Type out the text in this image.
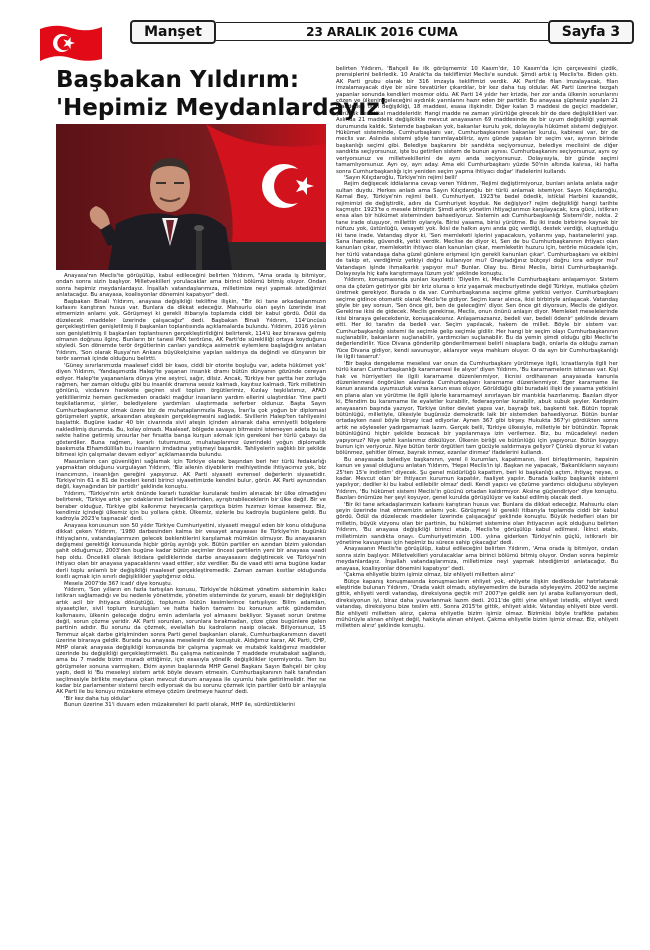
Manşet	23 ARALIK 2016 CUMA	Sayfa 3
Başbakan Yıldırım:
'Hepimiz Meydanlardayız'

Anayasa'nın Meclis'te görüşülüp, kabul edileceğini belirten Yıldırım, "Ama orada iş bitmiyor, ondan sonra sizin başlıyor. Milletvekilleri yorulacaklar ama birinci bölümü bitmiş oluyor. Ondan sonra hepimiz meydanlardayız. İnşallah vatandaşlarımıza, milletimize neyi yapmak istediğimizi anlatacağız. Bu anayasa, koalisyonlar dönemini kapatıyor" dedi.

Başbakan Binali Yıldırım, anayasa değişikliği teklifine ilişkin, "Bir iki tane arkadaşlarımızın kafasını karıştıran husus var. Bunlara da dikkat edeceğiz. Mahsurlu olan şeyin üzerinde inat etmemizin anlamı yok. Görüşmeyi ki gerekli itibarıyla toplamda ciddi bir kabul gördü. Ödül da düzelecek maddeler üzerinde çalışacağız" dedi. Başbakan Binali Yıldırım, 114'üncüsü gerçekleştirilen genişletilmiş il başkanları toplantısında açıklamalarda bulundu. Yıldırım, 2016 yılının son genişletilmiş il başkanları toplantısının gerçekleştirildiğini belirterek, 114'ü kez birarava gelmiş olmanın doğrusu ilginç. Bunların bir tanesi PKK terörüne, AK Parti'de sürekliliği ortaya koyduğunu söyledi. Son dönemde terör örgütlerinin canları yandıkça asimetrik eylemlere başlağdığını anlatan Yıldırım, 'Son olarak Rusya'nın Ankara büyükelçisine yapılan saldırıya da değindi ve dünyanın bir terör sarmalı içinde olduğunu belirtti.

'Güney sınırlarımızda maalesef ciddi bir kaos, ciddi bir otorite boşluğu var, adeta hükümet yok' diyen Yıldırım, 'Yandaşımızda Halep'te yaşanan insanlık dramı bütün dünyanın gözünde cereyan ediyor. Halep'te yaşananlara dünya yine seyirci, sağır, dilsiz. Ancak, Türkiye her şartta her zorluğa rağmen, her zaman olduğu gibi bu insanlık dramına sessiz kalmadı, kayıtsız kalmadı. Türk milletinin gönlünü, vicdanını harekete geçiren sivil toplum örgütlerimiz, Kızılay teşkilatımız, AFAD yetkililerimiz hemen gecikmeden oradaki mağdur insanların yardım ellerini ulaştırdılar. Yine parti teşkilatlarımız, şiirler, belediyelere yardımları ulaştırmada seferber oldunuz. Başta Sayın Cumhurbaşkanımız olmak üzere biz de muhataplarımızla Rusya, İran'la çok yoğun bir diplomasi görüşmeleri yaptık, arkasından ateşkesin gerçekleşmesini sağladık. Sivillerin Halep'ten tahliyesini başlattık. Bugüne kadar 40 bin civarında sivil ateşin içinden alınarak daha emniyetli bölgelere nakledilmiş durumda. Bu, kolay olmadı. Maalesef, bölgede savaşın bitmesini istemeyen adeta bu işi sekte haline getirmiş unsurlar her fırsatta barışa kurşun sıkmak için gerekeni her türlü çabayı da gösterdiler. Buna rağmen, kararlı tutumumuz, muhataplarımız üzerindeki yoğun diplomatik baskımızla Elhamdülillah bu insanların imdadına yetişmeyi başardık. Tahliyelerin sağlıklı bir şekilde bitmesi için çalışmalar devam ediyor' açıklamasında bulundu.

Masumların can güvenliğini sağlamak için Türkiye olarak başından beri her türlü fedakarlığı yapmaktan olduğunu vurgulayan Yıldırım, 'Biz ailenin diyebilerin melhiyetinde ihtiyacımız yok, biz inancımızın, insanlığın gereğini yapıyoruz. AK Parti siyaseti evrensel değerlerin siyasetidir. Türkiye'nin 61 e 81 de inceleri kendi birinci siyasetimizde kendini bulur, görür. AK Parti aynızından değil, kaynağından bir partidir' şeklinde konuştu.

Yıldırım, 'Türkiye'nin artık önünde kararlı tuzaklar kurularak teslim alınacak bir ülke olmadığını belirterek, 'Türkiye artık yer odaklarının belirlediklerinden, ayrıştırabileceklerin bir ülke değil. Bir ve beraber olduğuz, Türkiye gibi kalkınmız heyecanla çarpıtkça bizim hızımızı kimse kesemez. Biz, kendimiz içindeği ülkemiz için bu yollara çıktık. Ülkemiz, sizlerle bu kadroyla bugünlere geldi. Bu kadroyla 2023'e taşınacak' dedi.

Anayasa konusunun son 50 yıldır Türkiye Cumhuriyetini, siyaseti meşgul eden bir konu olduğuna dikkat çeken Yıldırım, '1980 darbesinden kalma bir vesayet anayasası ile Türkiye'nin bugünkü ihtiyaçlarını, vatandaşlarımızın gelecek beklentilerini karşılamak mümkün olmuyor. Bu anayasanın değişmesi gerektiği konusunda hiçbir görüş ayrılığı yok. Bütün partiler en azından bizim yakından şahit olduğumuz, 2003'den bugüne kadar bütün seçimler öncesi partilerin yeni bir anayasa vaadi hep oldu. Öncelikli olarak iktidara geldiklerinde darbe anayasasını değiştirecek ve Türkiye'nin ihtiyacı olan bir anayasa yapacaklarını vaad ettiler, söz verdiler. Bu de vaad etti ama bugüne kadar derli toplu anlamlı bir değişikliği maalesef gerçekleştiremedik. Zaman zaman kısıtlar olduğunda kısıtlı açmak için sınırlı değişiklikler yaptığımız oldu.

Mesela 2007'de 367 icadı' diye konuştu.

Yıldırım, 'Son yılların en fazla tartışılan konusu, Türkiye'de hükümet yönetim sisteminin kalıcı istikrarı sağlamadığı ve bu nedenle yönetimde, yönetim sisteminde öz yorum, esaslı bir değişikliğin artık acil bir ihtiyaca dönüştüğü, toplumun bütün kesimlerince tartışılıyor. Bilim adamları, siyasetçiler, sivil toplum kuruluşları ve hatta halkın tamamı bu konunun artık gündemden kalkmasını, ülkenin geleceğe doğru emin adımlarla yol almasını bekliyor. Siyaset sorun üretme değil, sorun çözme yeridir. AK Parti sorunları, sorunlara bırakmadan, çöze çöze bugünlere gelen partinin adıdır. Bu sorunu da çözmek, evelallah bu kadroların nasip olacak. Biliyorsunuz, 15 Temmuz alçak darbe girişiminden sonra Parti genel başkanları olarak, Cumhurbaşkanımızın daveti üzerine birarayа geldik. Burada bu anayasa meselesini de konuştuk. Aldığımız karar, AK Parti, CHP, MHP olarak anayasa değişikliği konusunda bir çalışma yapmak ve mutabık kaldığımız maddeler üzerinde bu değişikliği gerçekleştirmekti. Bu çalışma neticesinde 7 maddede mutabakat sağlandı, ama bu 7 madde bizim muradı ettiğimiz, için esasıyla yönelik değişiklikler içermiyordu. Tam bu görüşmeler sonuna varmışken, Ekim ayının başlarında MHP Genel Başkanı Sayın Bahçeli bir çıkış yaptı, dedi ki 'Bu meseleyi sistem artık böyle devam etmesin. Cumhurbaşkanının halk tarafından seçilmesiyle birlikte meydana çıkan mevcut durum anayasa ile uyumlu hale getirilmelidir. Her ne kadar biz parlamenter sistemi tercih ediyorsak da bu sorunu çözmek için partiler üstü bir anlayışla AK Parti ile bu konuyu müzakere etmeye çözüm üretmeye hazırız' dedi.

'Bir kez daha tuş oldular'

Bunun üzerine 31'i duvam eden müzakereleri iki parti olarak, MHP ile, sürdürdüklerini

belirten Yıldırım, 'Bahçeli ile ilk görüşmemiz 10 Kasım'dır, 10 Kasım'da için çerçevesini çizdik, prensiplerini belirledik. 10 Aralık'ta da tekliflimizi Meclis'e sunduk. Şimdi artık iş Meclis'te. Biden çıktı. AK Parti grubu olarak bir 316 imzayla teklifimizi verdik. AK Parti'de filan imzalayacak, filan imzalamayacak diye bir süre tevatürler çıkardılar, bir kez daha tuş oldular. AK Parti üzerine tezgah yapanlar sonunda kendileri mosmor oldu. AK Parti 14 yıldır her krizde, her zor anda ülkenin sorunlarını çözen ve ülkenin geleceğini aydınlık yarınlarını hazır eden bir partidir. Bu anayasa şüphesiz yapılan 21 maddeden olan değişikliği, 18 maddesi, esasa ilişkindir. Diğer kalan 3 maddesi de geçici maddeler, yürürlük ve intikal maddeleridir. Hangi madde ne zaman yürürlüğe girecek bir de dare değişiklikleri var. Aslında 21 maddelik değişiklikle mevcut anayasanın 69 maddesinde de bir uyum değişikliği yapmak durumunda kaldık. Sistemde başbakan yok, bakanlar kurulu yok, dolayısıyla hükümet sistemi değişiyor. Hükümet sisteminde, Cumhurbaşkanı var, Cumhurbaşkanının bakanlar kurulu, kabinesi var, bir de meclis var. Aslında sistemi şöyle tanımlayabiliriz, aynı günde yapılan bir seçim var, ayrının birinde başkanlığı seçimi gibi. Belediye başkanını bir sandıkta seçiyorsunuz, belediye meclisini de diğer sandıkta seçiyorsunuz, işte bu getirilen sistem de bunun aynısı. Cumhurbaşkanını seçiyorsunuz, aynı oy veriyorsunuz ve milletvekillerini de aynı anda seçiyorsunuz. Dolayısıyla, bir günde seçimi tamamlıyorsunuz. Ayrı oy, ayrı aday. Ama eki Cumhurbaşkanı yüzde 50'nin altında kalırsa, iki hafta sonra Cumhurbaşkanlığı için yeniden seçim yapma ihtiyacı doğar' ifadelerini kullandı.

'Sayın Kılıçdaroğlu, Türkiye'nin rejimi belli'

Rejim değişecek iddialarına cevap veren Yıldırım, 'Rejimi değiştirmiyoruz, bunları anlata anlata sağır sultan duydu. Herkes anladı ama Sayın Kılıçdaroğlu bir türlü anlamak istemiyor. Sayın Kılıçdaroğlu, Kemal Bey, Türkiye'nin rejimi belli. Cumhuriyet. 1923'te bedel ödedik, istiklal Harbini kazandık, rejimimizi de değiştirdik, adını da Cumhuriyet koyduk. Ne değişiyor? rejim değişikliği hangi tarihte kaçmıştır. 1923'te o mesele bitmiştir. Şimdi artık yönetim ihtiyaçlarımızı karşılayacak, icra gücü, istikran ensa alan bir hükümet sisteminden bahsediyoruz. Sistemin adı Cumhurbaşkanlığı Sistemi'dir, nokta. 2 tane irade oluşuyor, millettin oylarıyla. Birisi yasama, birisi yürütme. Bu iki irade birbirine kaynak bir nüfuzu yok, üstünlüğü, vesayeti yok. İkisi de halkın aynı anda güç verdiği, destek verdiği, oluşturduğu iki tane irade. Vatandaş diyor ki, 'Sen memleketi işlerini yapacaksın, yollarımı yap, hastanelerini yap. Sana ihanede, güvendik, yetki verdik. Meclise de diyor ki, Sen de bu Cumhurbaşkanının ihtiyacı olan kanunları çıkar, memleketin ihtiyacı olan kanunları çıkar, memleketin huzuru için, terörle mücadele için, her türlü vatandaşa daha güzel günlere erişmesi için gerekli kanunları çıkar'. Cumhurbaşkanı ve ekibini de takip et, verdiğimiz yetkiyi doğru kullanıyor mu? Onayladığınız bütçeyi doğru icra ediyor mu? Vatandaşın işinde ihmalkarlık yapıyor mu? Bunlar. Olay bu. Birisi Meclis, birisi Cumhurbaşkanlığı. Dolayısıyla hiç kafa karıştırmaya lüzum yok' şeklinde konuştu.

Yıldırım, konuşmasında şunları kaydetti: 'Diyelim ki, Meclis'le Cumhurbaşkanı anlaşamıyor. Sistem ona da çözüm getiriyor gibi bir kriz olursa o kriz yaşamak mecburiyetinde değil Türkiye, mutlaka çözüm üretmek gerekiyor. Burada o da var. Cumhurbaşkanına seçime gitme yetkisi veriyor. Cumhurbaşkanı seçime gidince otomatik olarak Meclis'te gidiyor. Seçim karar alınca, ikisi birbiriyle anlaşacak. Vatandaş şöyle bir şey sorsun, 'Sen önce git, ben de geleceğim' diyor. Sen önce git diyorsun, Meclis de gidiyor. Gerekirse ikisi de gidecek. Meclis gerekirse, Meclis, onun önünü anlaşın diyor. Memleket meselelerinde ikisi birarayа gelecekdeniz, konuşacaksınız. Anlaşamazsanız, bedeli var, bedeli ödenir' şeklinde devam etti. Her iki tarafın da bedeli var. Seçim yapılacak, hakem de millet. Böyle bir sistem var. Cumhurbaşkanlığı sistemi ile seçimle gelip seçimle gidilir. Her hangi bir seçim olayı Cumhurbaşkanının suçlanabilir, bakanların suçlanabilir, yardımcıları suçlanabilir. Bu da yemin şimdi olduğu gibi Meclis'te değerlendirilir. Yüce Divana gönderilip gönderilmemesi belirli nisaplara bağlı, onlarla da olduğu zaman Yüce Divana gidiyor, kendi savunuyor, aklanıyor veya mahkum oluyor. O da ayrı bir Cumhurbaşkanlığı ile ilgili tasarruf.'

'Bir başka dengeleme meselesi var onun da Cumhurbaşkanı yürütmeye ilgili, icraatlarıyla ilgili her türlü kararı Cumhurbaşkanlığı kararnamesi ile alıyor' diyen Yıldırım, 'Bu kararnamelerin istisnası var. Kişi hak ve hürriyetleri ile ilgili kararname düzenlenmiyor, liicnisi ordihasınan anayasada kanunla düzenlenmesi öngörülen alanlarda Cumhurbaşkanı kararname düzenlenmiyor. Eger kararname ile kanun arasında uyumsuzluk varsa kanun esas oluyor. Görüldüğü gibi buradaki ilişki de yasama yetkisini en plana alan ve yürütme ile ilgili işlerle kararnameyi sınırlayan bir mantıkla hazırlanmış. Bazıları diyor ki, Efendim bu kararname ile eyaletler kurabilir, federasyonlar kurabilir, abuk subuk şeyler. Kardeşim anayasanın başında yazıyor, Türkiye üniter devlet yapısı var, bayrağı tek, başkenti tek. Bütün toprak bütünlüğü, milletiyle, ülkesiyle bugünsüz demokratik laik bir sistemden bahsediyoruz. Bütün bunlar ortadayken nasıl böyle birşey icad ediyorlar. Aynen 367 gibi birşey. Hukukta 367'yi gördükten sonra artık ne söyleseler yadırgamamak lazım. Gerçek belli, Türkiye ülkesiyle, milletiyle bir bütündür. Toprak bütünlüğünü hiçbir şekilde bozacak bir yapılanmaya izin verilemez. Biz, bu mücadeleyi neden yapıyoruz? Niye şehit kanlarımız dökülüyor. Ülkenin birliği ve bütünlüğü için yapıyoruz. Bütün kaygıyı bunun için veriyoruz. Niye bütün terör örgütleri tam gücüyle saldırmaya geliyor? Çünkü diyoruz ki vatan bölünmez, şehitler ölmez, bayrak inmez, ezanlar dinmez' ifadelerini kullandı.

Bu anayasada belediye başkanının, yerel il kurumları, kapatmanın, ileri birleştirmenin, hepsinin kanun ve yasal olduğunu anlatan Yıldırım, 'Hepsi Meclis'in işi. Başkan ne yapacak, 'Bakanlıkların sayısını 25'ten 15'e indirdim' diyecek. Şu genel müdürlüğü kapattım, beri ki başkanlığı açtım, ihtiyaç neyse, o kadar. Mevcut olan bir ihtiyacın kurumun kapatılır, faaliyet yapılır. Burada kalkıp başkanlık sistemi yapılıyor, dediler ki bu kabul edilebilir olmaz' dedi. Kendi yapıcı ve çözüme yardımcı olduğunu söyleyen Yıldırım, 'Bu hükümet sistemi Meclis'in gücünü ortadan kaldırmıyor. Aksine güçlendiriyor' diye konuştu. Bazıları önümüze her şeyi koyuyor, genel kurulda görüşülüyor ve kabul edilmiş olacak dedi.

'Bir iki tane arkadaşlarımızın kafasını karıştıran husus var. Bunlara da dikkat edeceğiz. Mahsurlu olan şeyin üzerinde inat etmemizin anlamı yok. Görüşmeyi ki gerekli itibarıyla toplamda ciddi bir kabul gördü. Ödül da düzelecek maddeler üzerinde çalışacağız' şeklinde konuştu. Büyük hedefleri olan bir milletin, büyük vizyonu olan bir partinin, bu hükümet sistemine olan ihtiyacının açık olduğunu belirten Yıldırım, 'Bu anayasa değişikliği birinci etabı, Meclis'te görüşülüp kabul edilmesi. İkinci etabı, milletimizin sandıkta onayı. Cumhuriyetimizin 100. yılına giderken Türkiye'nin güçlü, istikrarlı bir yönetime kavuşması için hepimiz bu sürece sahip çıkacağız' dedi.

Anayasanın Meclis'te görüşülüp, kabul edileceğini belirten Yıldırım, 'Ama orada iş bitmiyor, ondan sonra sizin başlıyor. Milletvekilleri yorulacaklar ama birinci bölümü bitmiş oluyor. Ondan sonra hepimiz meydanlardayız. İnşallah vatandaşlarımıza, milletimize neyi yapmak istediğimizi anlatacağız. Bu anayasa, koalisyonlar dönemini kapatıyor' dedi.

'Çakma ehliyetle bizim işimiz olmaz, biz ehliyeti milletten alırız'

Bütçe kapanış konuşmasında konuşmacıların ehliyet yok, ehliyete ilişkin dedikodular hatırlatarak eleştiride bulunan Yıldırım, 'Orada vakit olmadı, söyleyemedim de burada söyleyeyim. 2002'de seçime gittik, ehliyeti verdi vatandaş, direksiyona geçtik mi? 2007'ye geldik sen iyi araba kullanıyorsun dedi, direksiyonun iyi, biraz daha yuvarlanmak lazım dedi. 2011'de gitti yine ehliyet istedik, ehliyet verdi vatandaş, direksiyonu bize teslim etti. Sonra 2015'te gittik, ehliyet aldık. Vatandaş ehliyeti bize verdi. Biz ehliyeti milletten alırız, çakma ehliyetle bizim işimiz olmaz. Bizimkisi böyle trafikte patates mühürüyle alınan ehliyet değil, hakkıyla alınan ehliyet. Çakma ehliyetle bizim işimiz olmaz. Biz, ehliyeti milletten alırız' şeklinde konuştu.
